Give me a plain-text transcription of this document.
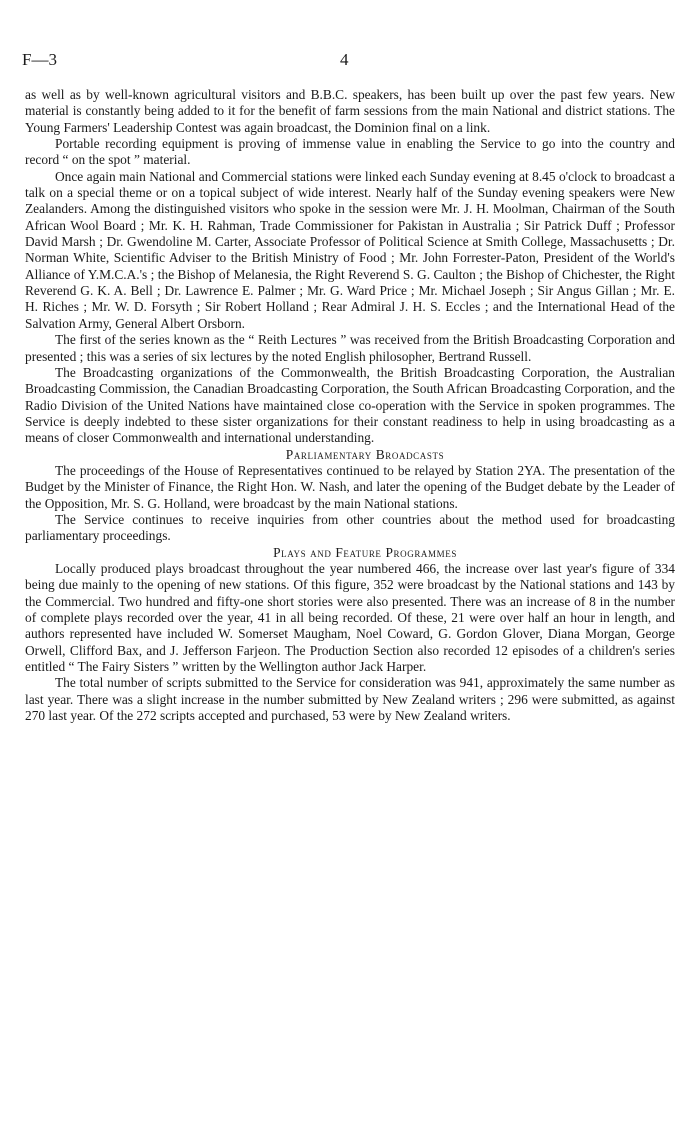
F—3	4

as well as by well-known agricultural visitors and B.B.C. speakers, has been built up over the past few years. New material is constantly being added to it for the benefit of farm sessions from the main National and district stations. The Young Farmers' Leadership Contest was again broadcast, the Dominion final on a link.

Portable recording equipment is proving of immense value in enabling the Service to go into the country and record “ on the spot ” material.

Once again main National and Commercial stations were linked each Sunday evening at 8.45 o'clock to broadcast a talk on a special theme or on a topical subject of wide interest. Nearly half of the Sunday evening speakers were New Zealanders. Among the distinguished visitors who spoke in the session were Mr. J. H. Moolman, Chairman of the South African Wool Board ; Mr. K. H. Rahman, Trade Commissioner for Pakistan in Australia ; Sir Patrick Duff ; Professor David Marsh ; Dr. Gwendoline M. Carter, Associate Professor of Political Science at Smith College, Massachusetts ; Dr. Norman White, Scientific Adviser to the British Ministry of Food ; Mr. John Forrester-Paton, President of the World's Alliance of Y.M.C.A.'s ; the Bishop of Melanesia, the Right Reverend S. G. Caulton ; the Bishop of Chichester, the Right Reverend G. K. A. Bell ; Dr. Lawrence E. Palmer ; Mr. G. Ward Price ; Mr. Michael Joseph ; Sir Angus Gillan ; Mr. E. H. Riches ; Mr. W. D. Forsyth ; Sir Robert Holland ; Rear Admiral J. H. S. Eccles ; and the International Head of the Salvation Army, General Albert Orsborn.

The first of the series known as the “ Reith Lectures ” was received from the British Broadcasting Corporation and presented ; this was a series of six lectures by the noted English philosopher, Bertrand Russell.

The Broadcasting organizations of the Commonwealth, the British Broadcasting Corporation, the Australian Broadcasting Commission, the Canadian Broadcasting Corporation, the South African Broadcasting Corporation, and the Radio Division of the United Nations have maintained close co-operation with the Service in spoken programmes. The Service is deeply indebted to these sister organizations for their constant readiness to help in using broadcasting as a means of closer Commonwealth and international understanding.

Parliamentary Broadcasts

The proceedings of the House of Representatives continued to be relayed by Station 2YA. The presentation of the Budget by the Minister of Finance, the Right Hon. W. Nash, and later the opening of the Budget debate by the Leader of the Opposition, Mr. S. G. Holland, were broadcast by the main National stations.

The Service continues to receive inquiries from other countries about the method used for broadcasting parliamentary proceedings.

Plays and Feature Programmes

Locally produced plays broadcast throughout the year numbered 466, the increase over last year's figure of 334 being due mainly to the opening of new stations. Of this figure, 352 were broadcast by the National stations and 143 by the Commercial. Two hundred and fifty-one short stories were also presented. There was an increase of 8 in the number of complete plays recorded over the year, 41 in all being recorded. Of these, 21 were over half an hour in length, and authors represented have included W. Somerset Maugham, Noel Coward, G. Gordon Glover, Diana Morgan, George Orwell, Clifford Bax, and J. Jefferson Farjeon. The Production Section also recorded 12 episodes of a children's series entitled “ The Fairy Sisters ” written by the Wellington author Jack Harper.

The total number of scripts submitted to the Service for consideration was 941, approximately the same number as last year. There was a slight increase in the number submitted by New Zealand writers ; 296 were submitted, as against 270 last year. Of the 272 scripts accepted and purchased, 53 were by New Zealand writers.
